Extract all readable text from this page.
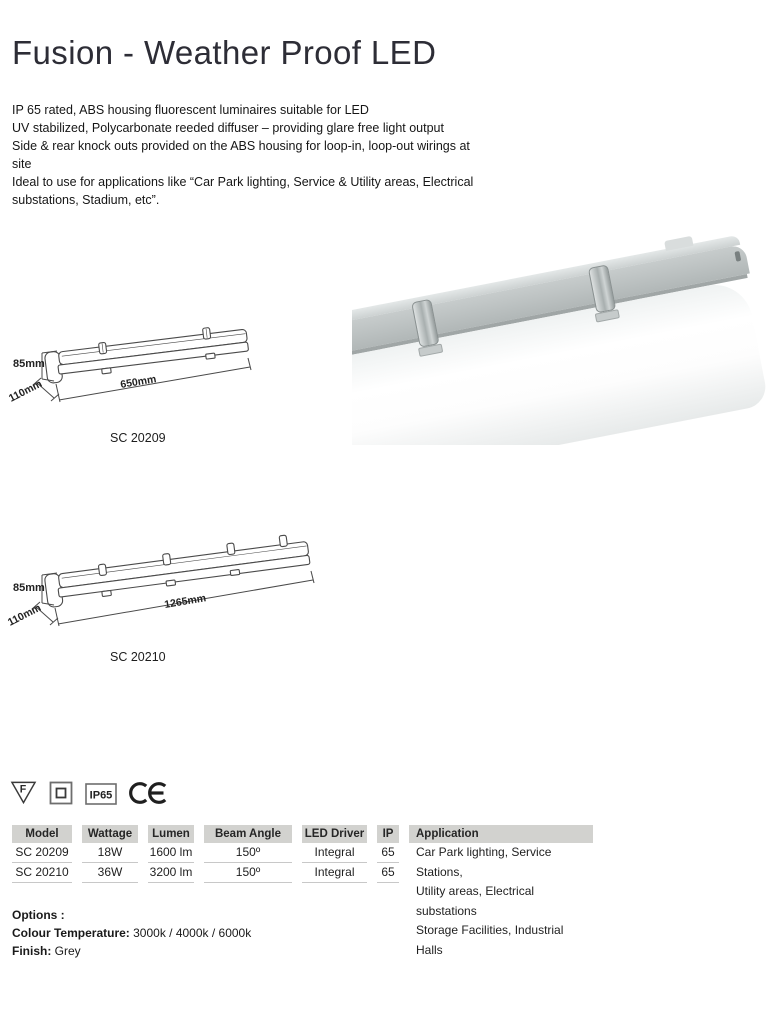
Fusion - Weather Proof LED
IP 65 rated, ABS housing fluorescent luminaires suitable for LED
UV stabilized, Polycarbonate reeded diffuser – providing glare free light output
Side & rear knock outs provided on the ABS housing for loop-in, loop-out wirings at site
Ideal to use for applications like “Car Park lighting, Service & Utility areas, Electrical
substations, Stadium, etc”.
85mm
110mm	650mm
SC 20209
85mm
110mm
1265mm
SC 20210
F
IP65
Model	Wattage	Lumen	Beam Angle	LED Driver	IP	Application
SC 20209	18W	1600 lm	150º	Integral	65	Car Park lighting, Service Stations,
Utility areas, Electrical substations
Storage Facilities, Industrial Halls
SC 20210	36W	3200 lm	150º	Integral	65
Options :
Colour Temperature: 3000k / 4000k / 6000k
Finish: Grey
